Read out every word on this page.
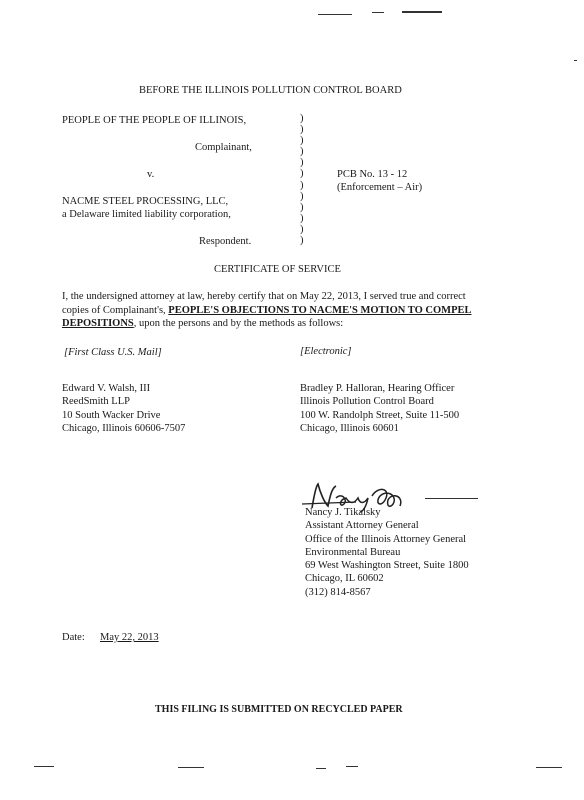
BEFORE THE ILLINOIS POLLUTION CONTROL BOARD
PEOPLE OF THE PEOPLE OF ILLINOIS,
Complainant,
v.
NACME STEEL PROCESSING, LLC,
a Delaware limited liability corporation,
Respondent.
)
)
)
)
)
)
)
)
)
)
)
)
PCB No. 13 - 12
(Enforcement – Air)
CERTIFICATE OF SERVICE
I, the undersigned attorney at law, hereby certify that on May 22, 2013, I served true and correct
copies of Complainant's, PEOPLE'S OBJECTIONS TO NACME'S MOTION TO COMPEL
DEPOSITIONS, upon the persons and by the methods as follows:
[First Class U.S. Mail]	[Electronic]
Edward V. Walsh, III
ReedSmith LLP
10 South Wacker Drive
Chicago, Illinois 60606-7507
Bradley P. Halloran, Hearing Officer
Illinois Pollution Control Board
100 W. Randolph Street, Suite 11-500
Chicago, Illinois 60601
Nancy J. Tikalsky
Assistant Attorney General
Office of the Illinois Attorney General
Environmental Bureau
69 West Washington Street, Suite 1800
Chicago, IL 60602
(312) 814-8567
Date: May 22, 2013
THIS FILING IS SUBMITTED ON RECYCLED PAPER
